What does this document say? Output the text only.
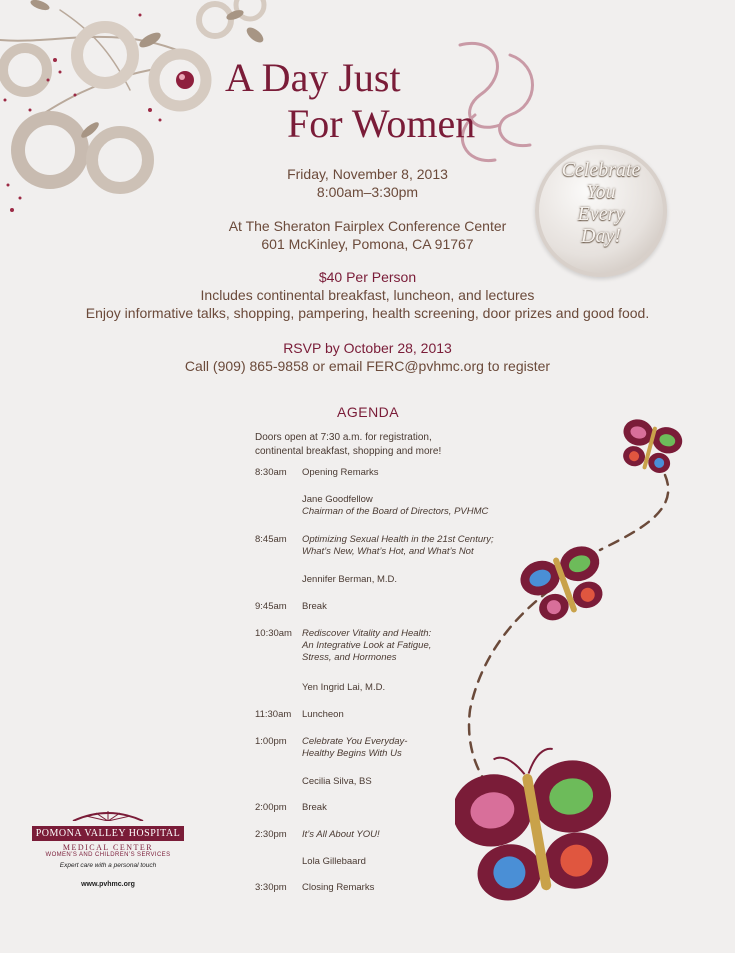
A Day Just
For Women
Celebrate
You
Every
Day!
Friday, November 8, 2013
8:00am–3:30pm
At The Sheraton Fairplex Conference Center
601 McKinley, Pomona, CA 91767
$40 Per Person
Includes continental breakfast, luncheon, and lectures
Enjoy informative talks, shopping, pampering, health screening, door prizes and good food.
RSVP by October 28, 2013
Call (909) 865-9858 or email FERC@pvhmc.org to register
AGENDA
Doors open at 7:30 a.m. for registration,
continental breakfast, shopping and more!
8:30am	Opening Remarks
Jane Goodfellow
Chairman of the Board of Directors, PVHMC
8:45am	Optimizing Sexual Health in the 21st Century;
What’s New, What’s Hot, and What’s Not
Jennifer Berman, M.D.
9:45am	Break
10:30am	Rediscover Vitality and Health:
An Integrative Look at Fatigue,
Stress, and Hormones
Yen Ingrid Lai, M.D.
11:30am	Luncheon
1:00pm	Celebrate You Everyday-
Healthy Begins With Us
Cecilia Silva, BS
2:00pm	Break
2:30pm	It’s All About YOU!
Lola Gillebaard
3:30pm	Closing Remarks
POMONA VALLEY HOSPITAL
MEDICAL CENTER
WOMEN’S AND CHILDREN’S SERVICES
Expert care with a personal touch
www.pvhmc.org
